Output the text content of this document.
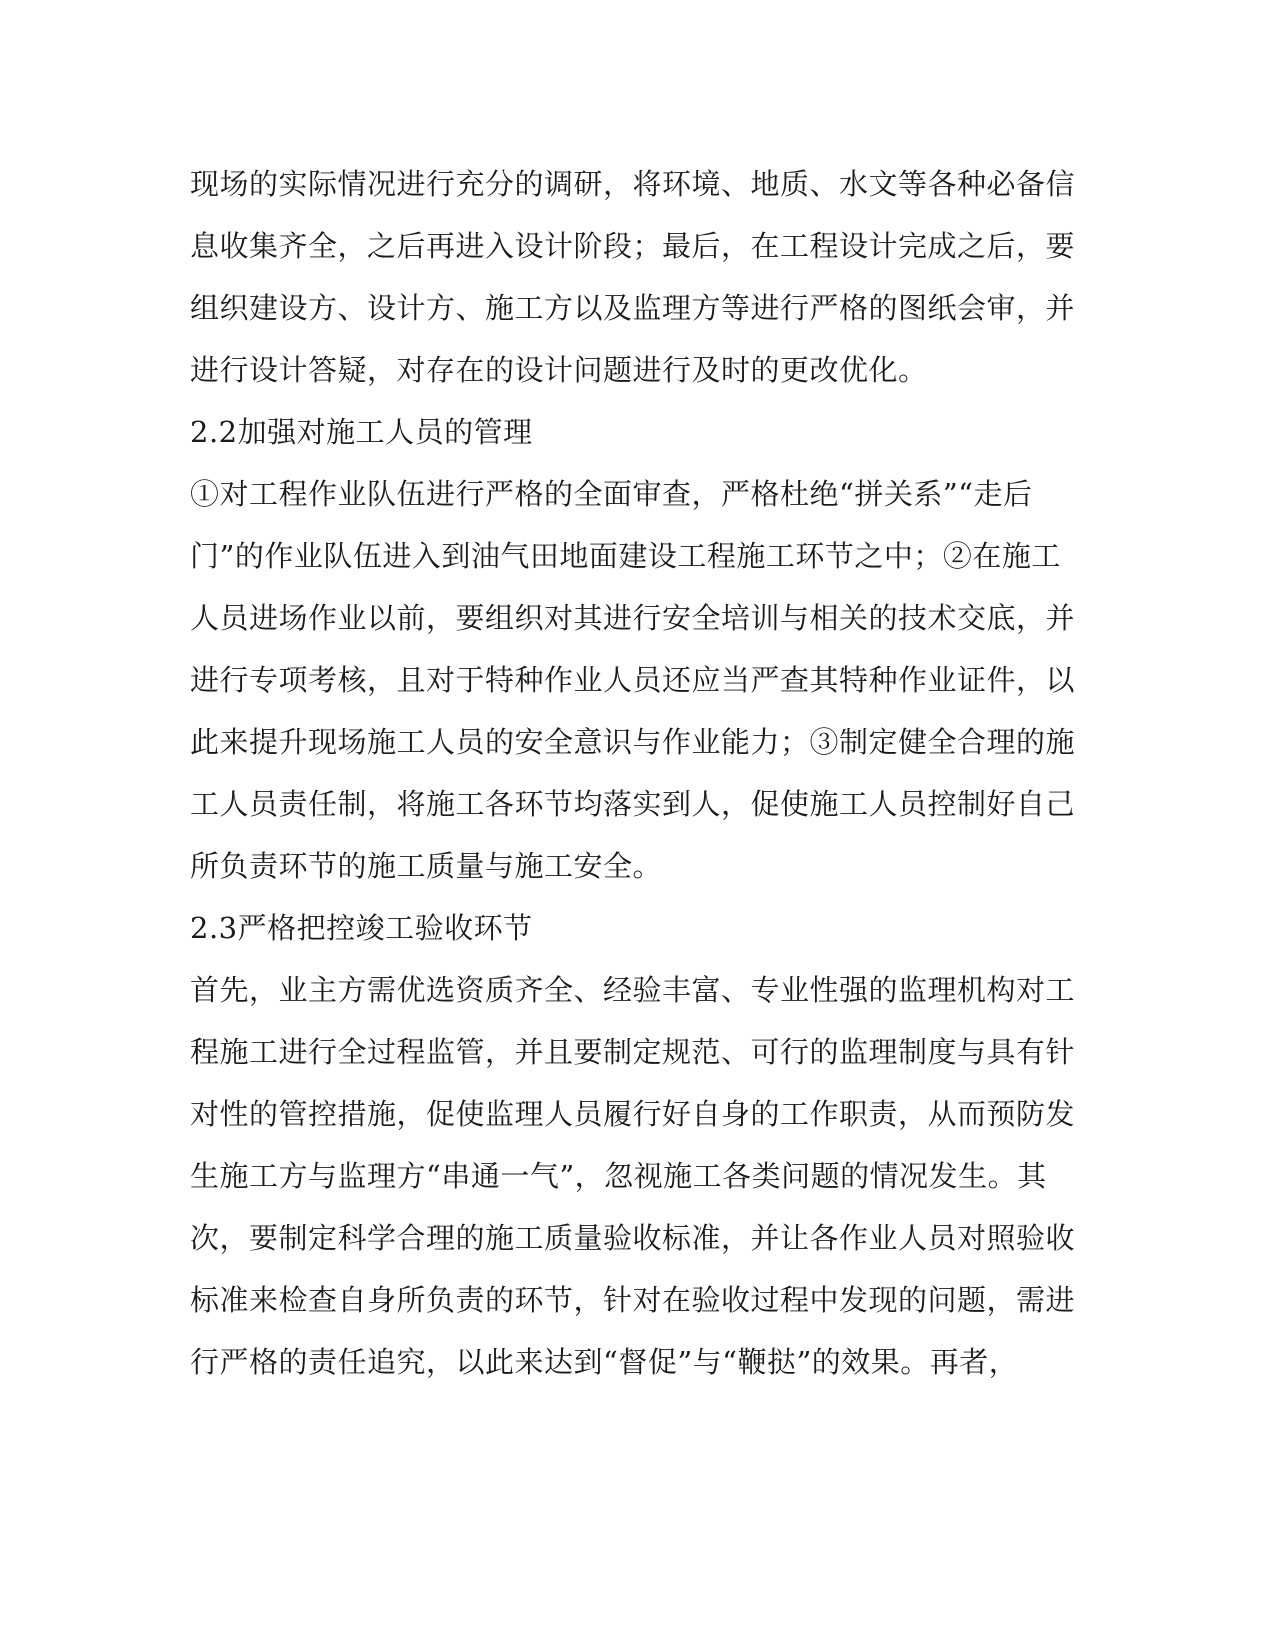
现场的实际情况进行充分的调研，将环境、地质、水文等各种必备信
息收集齐全，之后再进入设计阶段；最后，在工程设计完成之后，要
组织建设方、设计方、施工方以及监理方等进行严格的图纸会审，并
进行设计答疑，对存在的设计问题进行及时的更改优化。
2.2加强对施工人员的管理
①对工程作业队伍进行严格的全面审查，严格杜绝“拼关系”“走后
门”的作业队伍进入到油气田地面建设工程施工环节之中；②在施工
人员进场作业以前，要组织对其进行安全培训与相关的技术交底，并
进行专项考核，且对于特种作业人员还应当严查其特种作业证件，以
此来提升现场施工人员的安全意识与作业能力；③制定健全合理的施
工人员责任制，将施工各环节均落实到人，促使施工人员控制好自己
所负责环节的施工质量与施工安全。
2.3严格把控竣工验收环节
首先，业主方需优选资质齐全、经验丰富、专业性强的监理机构对工
程施工进行全过程监管，并且要制定规范、可行的监理制度与具有针
对性的管控措施，促使监理人员履行好自身的工作职责，从而预防发
生施工方与监理方“串通一气”，忽视施工各类问题的情况发生。其
次，要制定科学合理的施工质量验收标准，并让各作业人员对照验收
标准来检查自身所负责的环节，针对在验收过程中发现的问题，需进
行严格的责任追究，以此来达到“督促”与“鞭挞”的效果。再者，
